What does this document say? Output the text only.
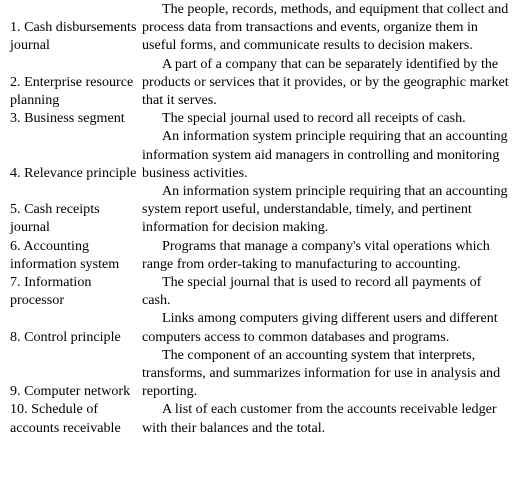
1. Cash disbursements journal
The people, records, methods, and equipment that collect and process data from transactions and events, organize them in useful forms, and communicate results to decision makers.
2. Enterprise resource planning
A part of a company that can be separately identified by the products or services that it provides, or by the geographic market that it serves.
3. Business segment	The special journal used to record all receipts of cash.
4. Relevance principle
An information system principle requiring that an accounting information system aid managers in controlling and monitoring business activities.
5. Cash receipts journal
An information system principle requiring that an accounting system report useful, understandable, timely, and pertinent information for decision making.
6. Accounting information system
Programs that manage a company's vital operations which range from order-taking to manufacturing to accounting.
7. Information processor
The special journal that is used to record all payments of cash.
8. Control principle
Links among computers giving different users and different computers access to common databases and programs.
9. Computer network
The component of an accounting system that interprets, transforms, and summarizes information for use in analysis and reporting.
10. Schedule of accounts receivable
A list of each customer from the accounts receivable ledger with their balances and the total.
